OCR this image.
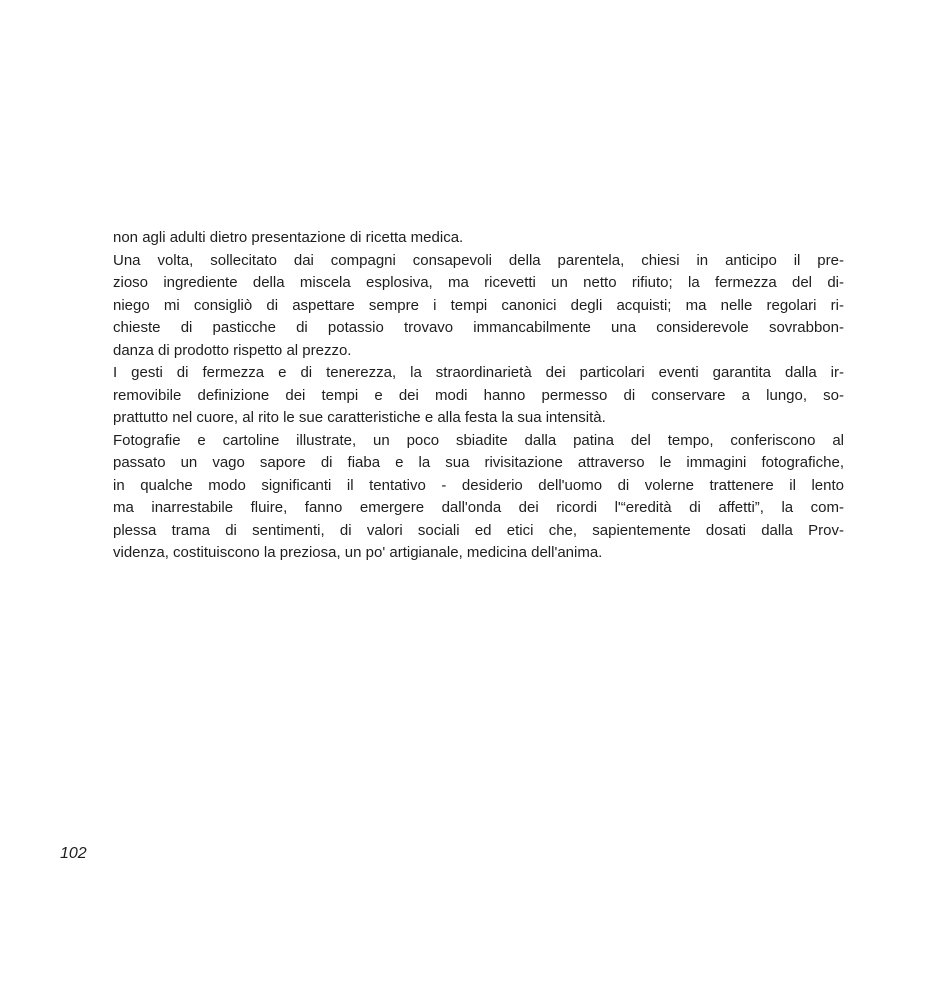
non agli adulti dietro presentazione di ricetta medica.
Una volta, sollecitato dai compagni consapevoli della parentela, chiesi in anticipo il pre-
zioso ingrediente della miscela esplosiva, ma ricevetti un netto rifiuto; la fermezza del di-
niego mi consigliò di aspettare sempre i tempi canonici degli acquisti; ma nelle regolari ri-
chieste di pasticche di potassio trovavo immancabilmente una considerevole sovrabbon-
danza di prodotto rispetto al prezzo.
I gesti di fermezza e di tenerezza, la straordinarietà dei particolari eventi garantita dalla ir-
removibile definizione dei tempi e dei modi hanno permesso di conservare a lungo, so-
prattutto nel cuore, al rito le sue caratteristiche e alla festa la sua intensità.
Fotografie e cartoline illustrate, un poco sbiadite dalla patina del tempo, conferiscono al
passato un vago sapore di fiaba e la sua rivisitazione attraverso le immagini fotografiche,
in qualche modo significanti il tentativo - desiderio dell'uomo di volerne trattenere il lento
ma inarrestabile fluire, fanno emergere dall'onda dei ricordi l'“eredità di affetti”, la com-
plessa trama di sentimenti, di valori sociali ed etici che, sapientemente dosati dalla Prov-
videnza, costituiscono la preziosa, un po' artigianale, medicina dell'anima.
102
